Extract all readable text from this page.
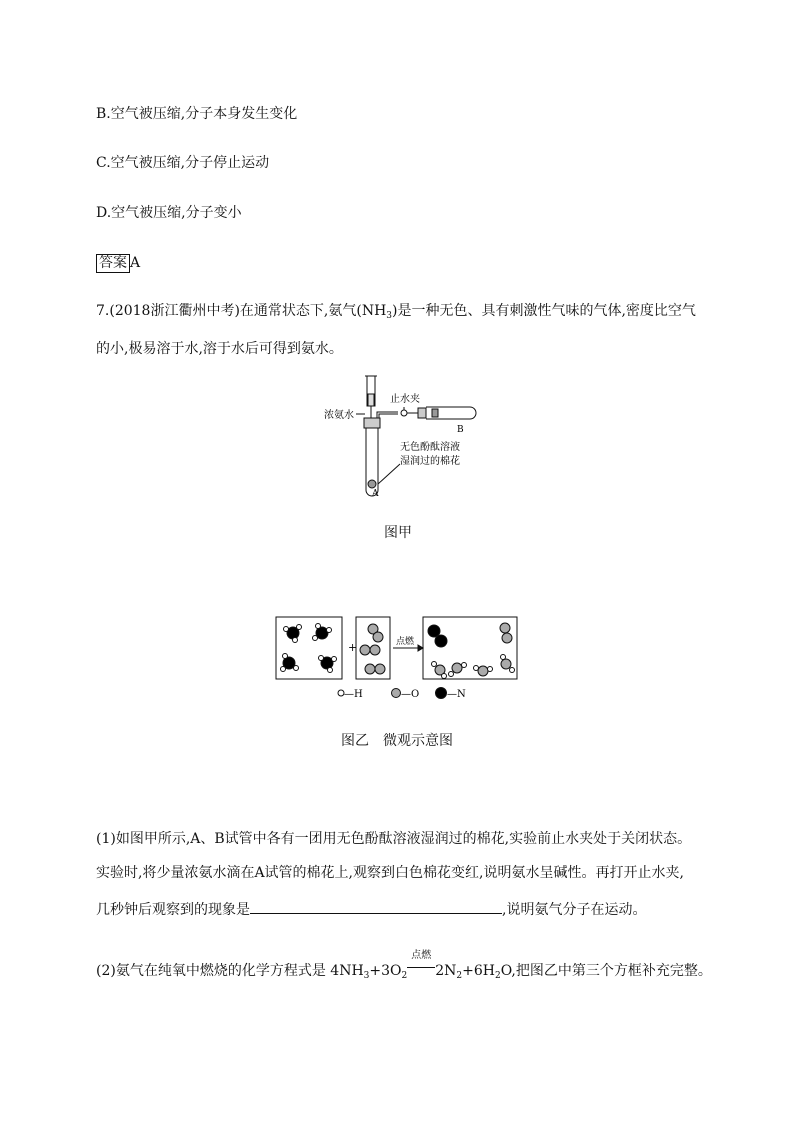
B.空气被压缩,分子本身发生变化
C.空气被压缩,分子停止运动
D.空气被压缩,分子变小
答案 A
7.(2018浙江衢州中考)在通常状态下,氨气$(NH_3)$是一种无色、具有刺激性气味的气体,密度比空气
的小,极易溶于水,溶于水后可得到氨水。
浓氨水
止水夹
无色酚酞溶液
湿润过的棉花
A
B
图甲
+	点燃
—H	—O	—N
图乙　微观示意图
(1)如图甲所示,A、B试管中各有一团用无色酚酞溶液湿润过的棉花,实验前止水夹处于关闭状态。
实验时,将少量浓氨水滴在A试管的棉花上,观察到白色棉花变红,说明氨水呈碱性。再打开止水夹,
几秒钟后观察到的现象是	,说明氨气分子在运动。
(2)氨气在纯氧中燃烧的化学方程式是 $4NH_3+3O_2$
点燃
$2N_2+6H_2O$,把图乙中第三个方框补充完整。
